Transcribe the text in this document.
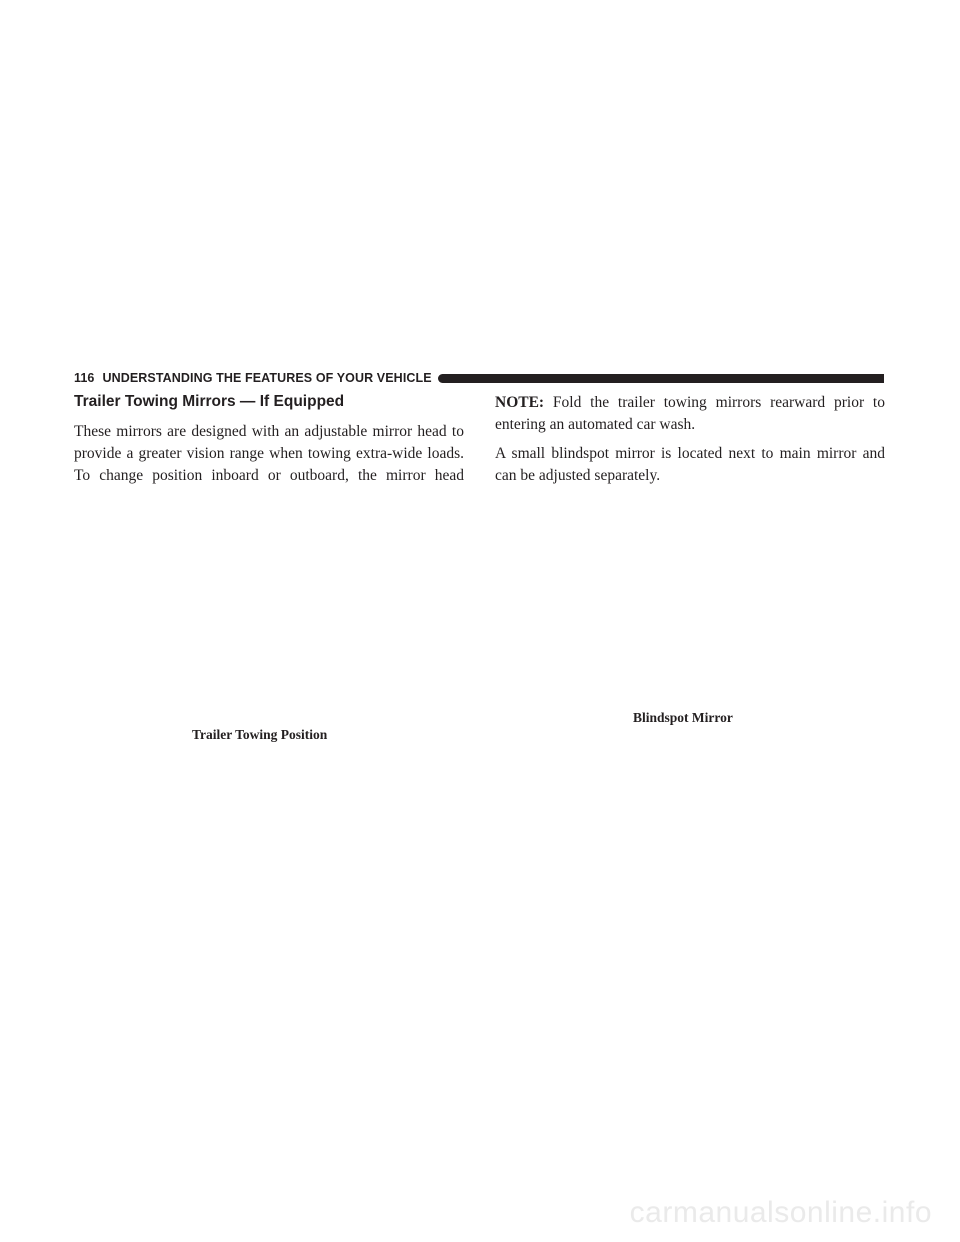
116 UNDERSTANDING THE FEATURES OF YOUR VEHICLE
Trailer Towing Mirrors — If Equipped

These mirrors are designed with an adjustable mirror head to provide a greater vision range when towing extra-wide loads. To change position inboard or outboard, the mirror head

NOTE: Fold the trailer towing mirrors rearward prior to entering an automated car wash.

A small blindspot mirror is located next to main mirror and can be adjusted separately.

Trailer Towing Position
Blindspot Mirror
carmanualsonline.info
